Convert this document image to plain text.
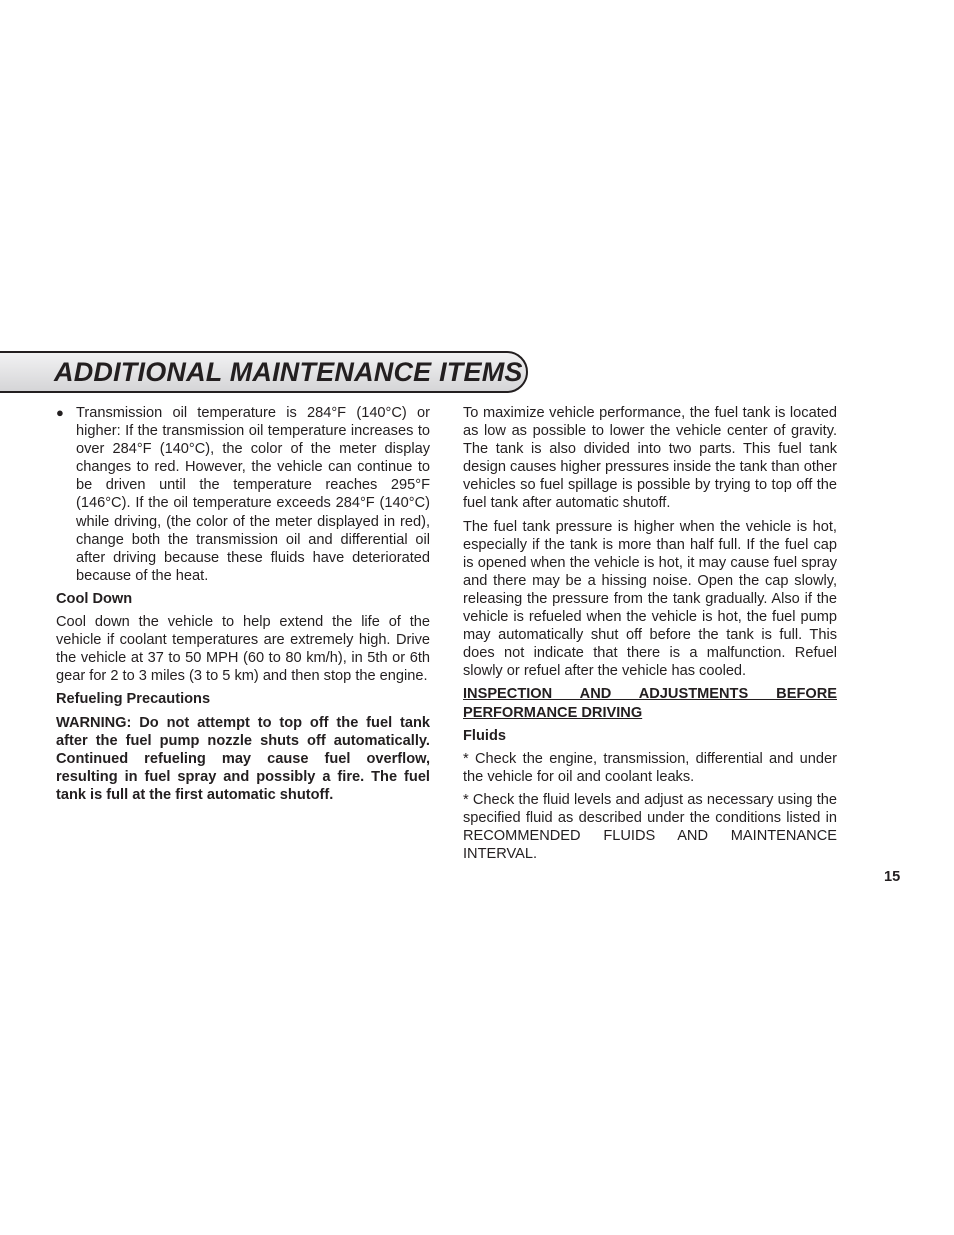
ADDITIONAL MAINTENANCE ITEMS
● Transmission oil temperature is 284°F (140°C) or higher: If the transmission oil temperature increases to over 284°F (140°C), the color of the meter display changes to red. However, the vehicle can continue to be driven until the temperature reaches 295°F (146°C). If the oil temperature exceeds 284°F (140°C) while driving, (the color of the meter displayed in red), change both the transmission oil and differential oil after driving because these fluids have deteriorated because of the heat.
Cool Down

Cool down the vehicle to help extend the life of the vehicle if coolant temperatures are extremely high. Drive the vehicle at 37 to 50 MPH (60 to 80 km/h), in 5th or 6th gear for 2 to 3 miles (3 to 5 km) and then stop the engine.

Refueling Precautions

WARNING: Do not attempt to top off the fuel tank after the fuel pump nozzle shuts off automatically. Continued refueling may cause fuel overflow, resulting in fuel spray and possibly a fire. The fuel tank is full at the first automatic shutoff.

To maximize vehicle performance, the fuel tank is located as low as possible to lower the vehicle center of gravity. The tank is also divided into two parts. This fuel tank design causes higher pressures inside the tank than other vehicles so fuel spillage is possible by trying to top off the fuel tank after automatic shutoff.

The fuel tank pressure is higher when the vehicle is hot, especially if the tank is more than half full. If the fuel cap is opened when the vehicle is hot, it may cause fuel spray and there may be a hissing noise. Open the cap slowly, releasing the pressure from the tank gradually. Also if the vehicle is refueled when the vehicle is hot, the fuel pump may automatically shut off before the tank is full. This does not indicate that there is a malfunction. Refuel slowly or refuel after the vehicle has cooled.

INSPECTION AND ADJUSTMENTS BEFORE PERFORMANCE DRIVING

Fluids

* Check the engine, transmission, differential and under the vehicle for oil and coolant leaks.

* Check the fluid levels and adjust as necessary using the specified fluid as described under the conditions listed in RECOMMENDED FLUIDS AND MAINTENANCE INTERVAL.

15
